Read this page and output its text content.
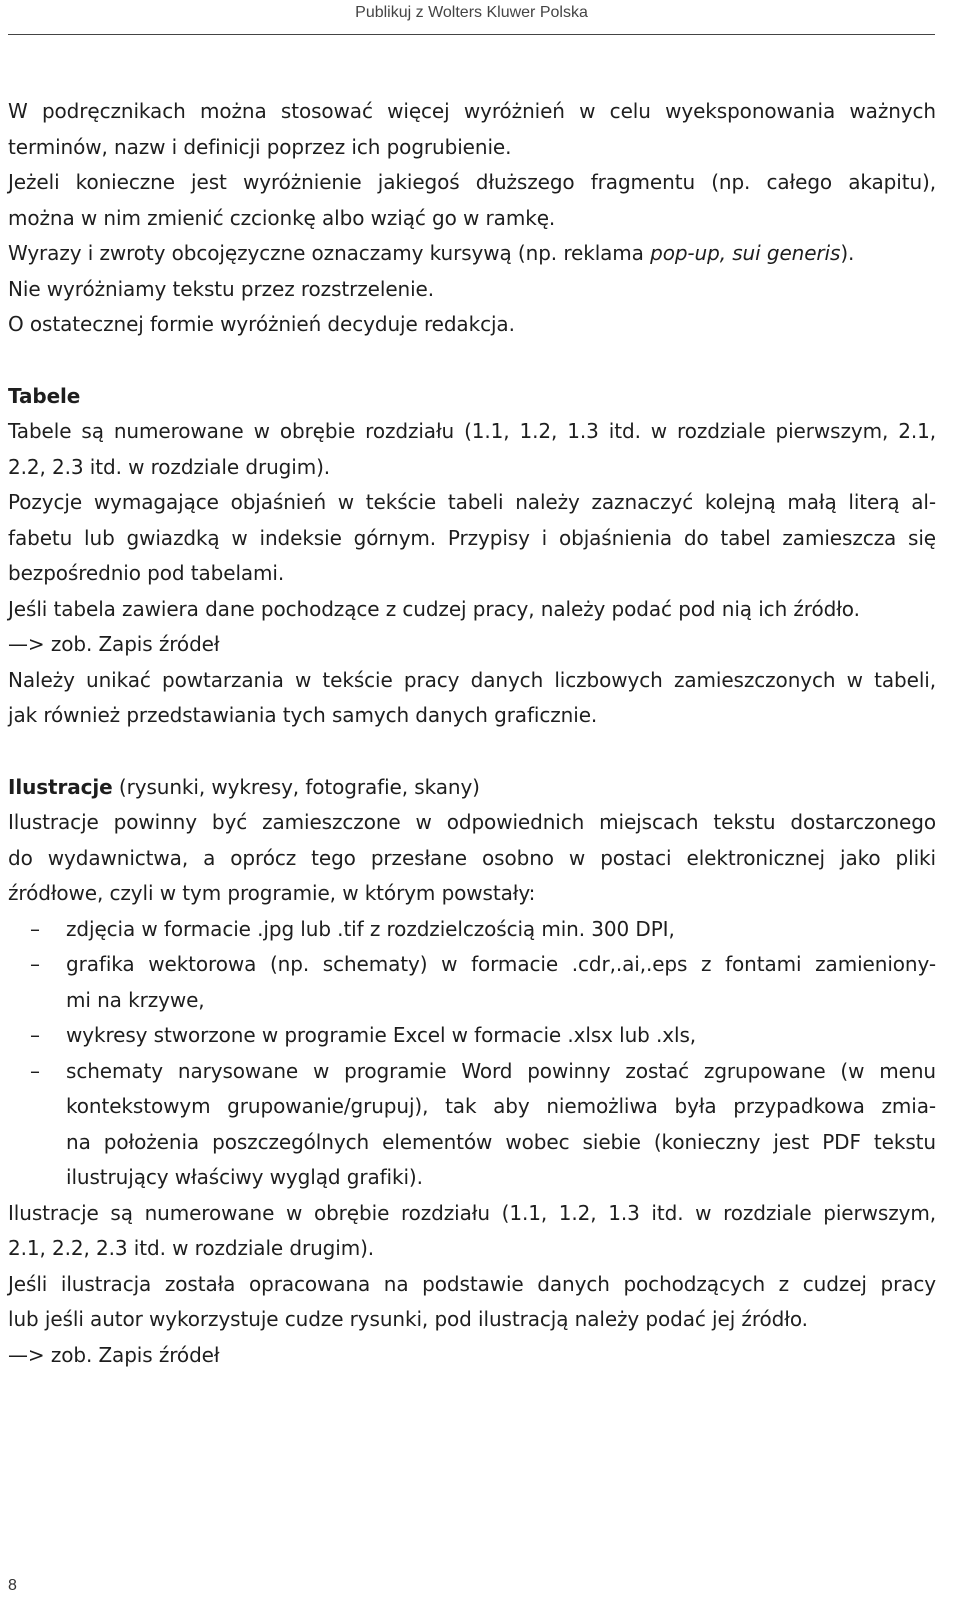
Publikuj z Wolters Kluwer Polska

W podręcznikach można stosować więcej wyróżnień w celu wyeksponowania ważnych
terminów, nazw i definicji poprzez ich pogrubienie.

Jeżeli konieczne jest wyróżnienie jakiegoś dłuższego fragmentu (np. całego akapitu),
można w nim zmienić czcionkę albo wziąć go w ramkę.

Wyrazy i zwroty obcojęzyczne oznaczamy kursywą (np. reklama pop-up, sui generis).

Nie wyróżniamy tekstu przez rozstrzelenie.

O ostatecznej formie wyróżnień decyduje redakcja.

Tabele

Tabele są numerowane w obrębie rozdziału (1.1, 1.2, 1.3 itd. w rozdziale pierwszym, 2.1,
2.2, 2.3 itd. w rozdziale drugim).

Pozycje wymagające objaśnień w tekście tabeli należy zaznaczyć kolejną małą literą al-
fabetu lub gwiazdką w indeksie górnym. Przypisy i objaśnienia do tabel zamieszcza się
bezpośrednio pod tabelami.

Jeśli tabela zawiera dane pochodzące z cudzej pracy, należy podać pod nią ich źródło.

—> zob. Zapis źródeł

Należy unikać powtarzania w tekście pracy danych liczbowych zamieszczonych w tabeli,
jak również przedstawiania tych samych danych graficznie.

Ilustracje (rysunki, wykresy, fotografie, skany)

Ilustracje powinny być zamieszczone w odpowiednich miejscach tekstu dostarczonego
do wydawnictwa, a oprócz tego przesłane osobno w postaci elektronicznej jako pliki
źródłowe, czyli w tym programie, w którym powstały:

– zdjęcia w formacie .jpg lub .tif z rozdzielczością min. 300 DPI,
– grafika wektorowa (np. schematy) w formacie .cdr,.ai,.eps z fontami zamieniony-
mi na krzywe,
– wykresy stworzone w programie Excel w formacie .xlsx lub .xls,
– schematy narysowane w programie Word powinny zostać zgrupowane (w menu
kontekstowym grupowanie/grupuj), tak aby niemożliwa była przypadkowa zmia-
na położenia poszczególnych elementów wobec siebie (konieczny jest PDF tekstu
ilustrujący właściwy wygląd grafiki).

Ilustracje są numerowane w obrębie rozdziału (1.1, 1.2, 1.3 itd. w rozdziale pierwszym,
2.1, 2.2, 2.3 itd. w rozdziale drugim).

Jeśli ilustracja została opracowana na podstawie danych pochodzących z cudzej pracy
lub jeśli autor wykorzystuje cudze rysunki, pod ilustracją należy podać jej źródło.

—> zob. Zapis źródeł

8
